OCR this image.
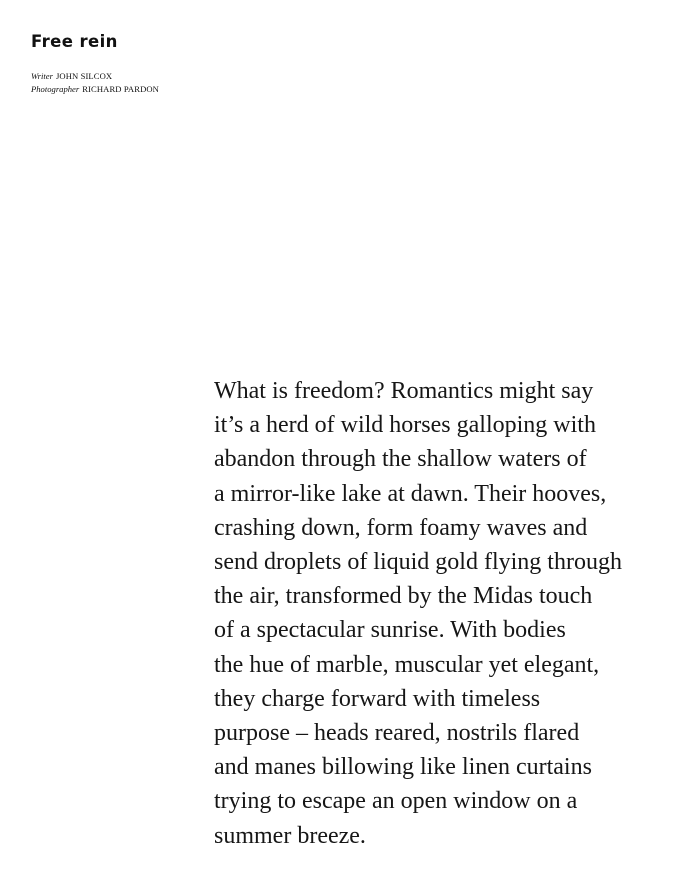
Free rein
Writer JOHN SILCOX
Photographer RICHARD PARDON
What is freedom? Romantics might say
it’s a herd of wild horses galloping with
abandon through the shallow waters of
a mirror-like lake at dawn. Their hooves,
crashing down, form foamy waves and
send droplets of liquid gold flying through
the air, transformed by the Midas touch
of a spectacular sunrise. With bodies
the hue of marble, muscular yet elegant,
they charge forward with timeless
purpose – heads reared, nostrils flared
and manes billowing like linen curtains
trying to escape an open window on a
summer breeze.
